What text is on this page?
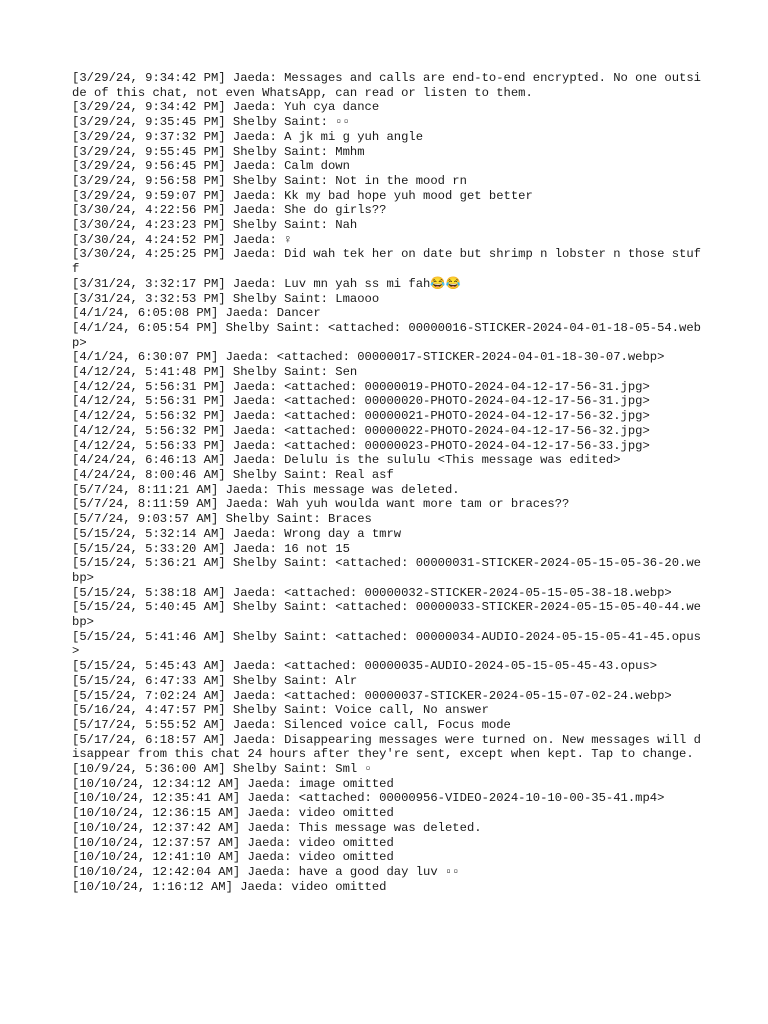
[3/29/24, 9:34:42 PM] Jaeda: Messages and calls are end-to-end encrypted. No one outside of this chat, not even WhatsApp, can read or listen to them.
[3/29/24, 9:34:42 PM] Jaeda: Yuh cya dance
[3/29/24, 9:35:45 PM] Shelby Saint: ▫▫
[3/29/24, 9:37:32 PM] Jaeda: A jk mi g yuh angle
[3/29/24, 9:55:45 PM] Shelby Saint: Mmhm
[3/29/24, 9:56:45 PM] Jaeda: Calm down
[3/29/24, 9:56:58 PM] Shelby Saint: Not in the mood rn
[3/29/24, 9:59:07 PM] Jaeda: Kk my bad hope yuh mood get better
[3/30/24, 4:22:56 PM] Jaeda: She do girls??
[3/30/24, 4:23:23 PM] Shelby Saint: Nah
[3/30/24, 4:24:52 PM] Jaeda: ♀
[3/30/24, 4:25:25 PM] Jaeda: Did wah tek her on date but shrimp n lobster n those stuff
[3/31/24, 3:32:17 PM] Jaeda: Luv mn yah ss mi fah😂😂
[3/31/24, 3:32:53 PM] Shelby Saint: Lmaooo
[4/1/24, 6:05:08 PM] Jaeda: Dancer
[4/1/24, 6:05:54 PM] Shelby Saint: <attached: 00000016-STICKER-2024-04-01-18-05-54.webp>
[4/1/24, 6:30:07 PM] Jaeda: <attached: 00000017-STICKER-2024-04-01-18-30-07.webp>
[4/12/24, 5:41:48 PM] Shelby Saint: Sen
[4/12/24, 5:56:31 PM] Jaeda: <attached: 00000019-PHOTO-2024-04-12-17-56-31.jpg>
[4/12/24, 5:56:31 PM] Jaeda: <attached: 00000020-PHOTO-2024-04-12-17-56-31.jpg>
[4/12/24, 5:56:32 PM] Jaeda: <attached: 00000021-PHOTO-2024-04-12-17-56-32.jpg>
[4/12/24, 5:56:32 PM] Jaeda: <attached: 00000022-PHOTO-2024-04-12-17-56-32.jpg>
[4/12/24, 5:56:33 PM] Jaeda: <attached: 00000023-PHOTO-2024-04-12-17-56-33.jpg>
[4/24/24, 6:46:13 AM] Jaeda: Delulu is the sululu <This message was edited>
[4/24/24, 8:00:46 AM] Shelby Saint: Real asf
[5/7/24, 8:11:21 AM] Jaeda: This message was deleted.
[5/7/24, 8:11:59 AM] Jaeda: Wah yuh woulda want more tam or braces??
[5/7/24, 9:03:57 AM] Shelby Saint: Braces
[5/15/24, 5:32:14 AM] Jaeda: Wrong day a tmrw
[5/15/24, 5:33:20 AM] Jaeda: 16 not 15
[5/15/24, 5:36:21 AM] Shelby Saint: <attached: 00000031-STICKER-2024-05-15-05-36-20.webp>
[5/15/24, 5:38:18 AM] Jaeda: <attached: 00000032-STICKER-2024-05-15-05-38-18.webp>
[5/15/24, 5:40:45 AM] Shelby Saint: <attached: 00000033-STICKER-2024-05-15-05-40-44.webp>
[5/15/24, 5:41:46 AM] Shelby Saint: <attached: 00000034-AUDIO-2024-05-15-05-41-45.opus>
[5/15/24, 5:45:43 AM] Jaeda: <attached: 00000035-AUDIO-2024-05-15-05-45-43.opus>
[5/15/24, 6:47:33 AM] Shelby Saint: Alr
[5/15/24, 7:02:24 AM] Jaeda: <attached: 00000037-STICKER-2024-05-15-07-02-24.webp>
[5/16/24, 4:47:57 PM] Shelby Saint: Voice call, No answer
[5/17/24, 5:55:52 AM] Jaeda: Silenced voice call, Focus mode
[5/17/24, 6:18:57 AM] Jaeda: Disappearing messages were turned on. New messages will disappear from this chat 24 hours after they're sent, except when kept. Tap to change.
[10/9/24, 5:36:00 AM] Shelby Saint: Sml ▫
[10/10/24, 12:34:12 AM] Jaeda: image omitted
[10/10/24, 12:35:41 AM] Jaeda: <attached: 00000956-VIDEO-2024-10-10-00-35-41.mp4>
[10/10/24, 12:36:15 AM] Jaeda: video omitted
[10/10/24, 12:37:42 AM] Jaeda: This message was deleted.
[10/10/24, 12:37:57 AM] Jaeda: video omitted
[10/10/24, 12:41:10 AM] Jaeda: video omitted
[10/10/24, 12:42:04 AM] Jaeda: have a good day luv ▫▫
[10/10/24, 1:16:12 AM] Jaeda: video omitted
